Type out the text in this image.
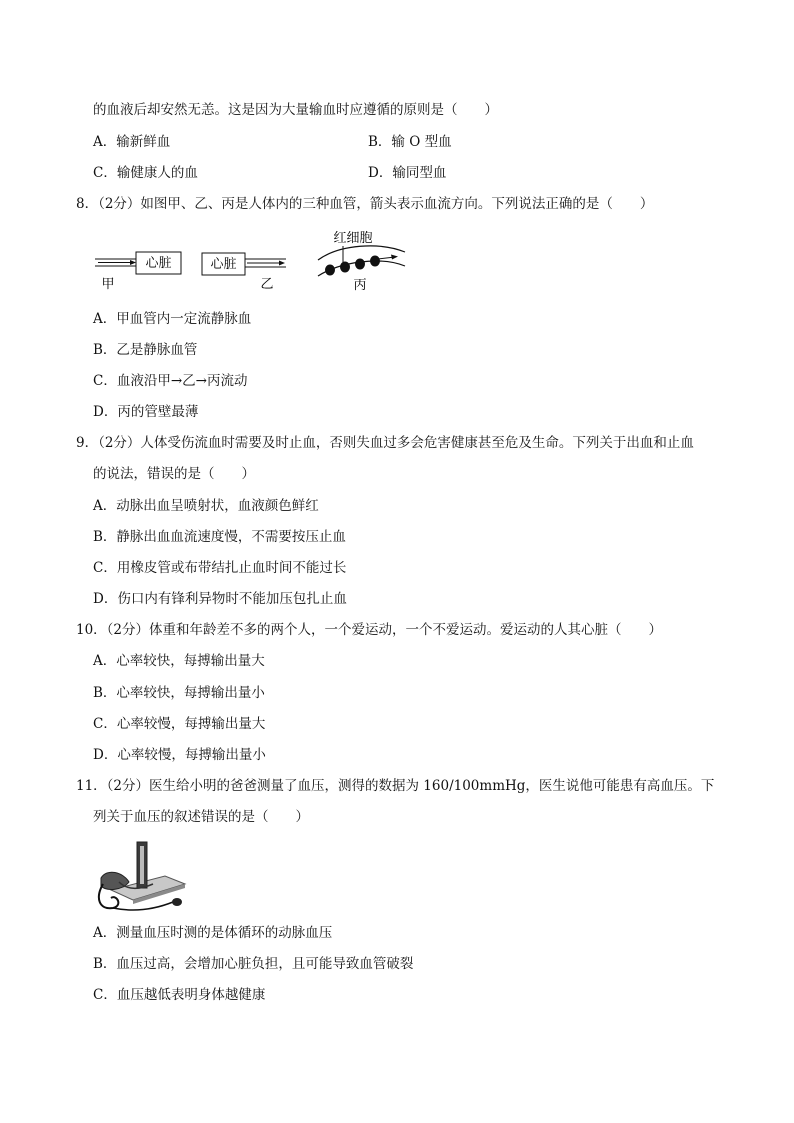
的血液后却安然无恙。这是因为大量输血时应遵循的原则是（　　）
A．输新鲜血	B．输 O 型血
C．输健康人的血	D．输同型血
8．（2分）如图甲、乙、丙是人体内的三种血管，箭头表示血流方向。下列说法正确的是（　　）
心脏
甲
心脏
乙
红细胞
丙
A．甲血管内一定流静脉血
B．乙是静脉血管
C．血液沿甲→乙→丙流动
D．丙的管壁最薄
9．（2分）人体受伤流血时需要及时止血，否则失血过多会危害健康甚至危及生命。下列关于出血和止血
的说法，错误的是（　　）
A．动脉出血呈喷射状，血液颜色鲜红
B．静脉出血血流速度慢，不需要按压止血
C．用橡皮管或布带结扎止血时间不能过长
D．伤口内有锋利异物时不能加压包扎止血
10．（2分）体重和年龄差不多的两个人，一个爱运动，一个不爱运动。爱运动的人其心脏（　　）
A．心率较快，每搏输出量大
B．心率较快，每搏输出量小
C．心率较慢，每搏输出量大
D．心率较慢，每搏输出量小
11．（2分）医生给小明的爸爸测量了血压，测得的数据为 160/100mmHg，医生说他可能患有高血压。下
列关于血压的叙述错误的是（　　）
A．测量血压时测的是体循环的动脉血压
B．血压过高，会增加心脏负担，且可能导致血管破裂
C．血压越低表明身体越健康
